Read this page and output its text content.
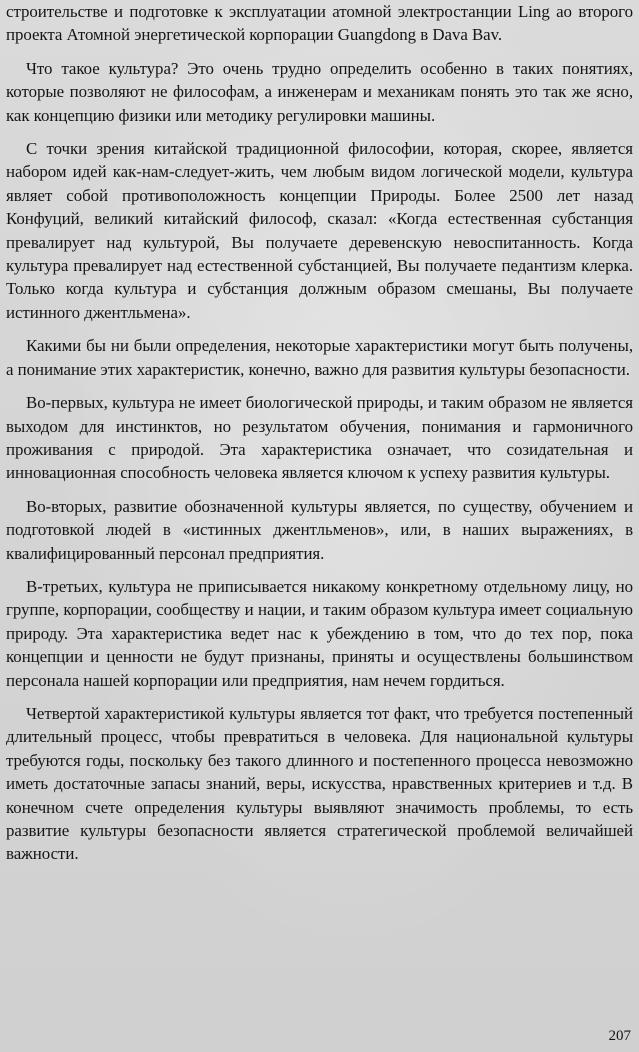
строительстве и подготовке к эксплуатации атомной электростанции Ling ао второго проекта Атомной энергетической корпорации Guangdong в Dava Bav.

Что такое культура? Это очень трудно определить особенно в таких понятиях, которые позволяют не философам, а инженерам и механикам понять это так же ясно, как концепцию физики или методику регулировки машины.

С точки зрения китайской традиционной философии, которая, скорее, является набором идей как-нам-следует-жить, чем любым видом логической модели, культура являет собой противоположность концепции Природы. Более 2500 лет назад Конфуций, великий китайский философ, сказал: «Когда естественная субстанция превалирует над культурой, Вы получаете деревенскую невоспитанность. Когда культура превалирует над естественной субстанцией, Вы получаете педантизм клерка. Только когда культура и субстанция должным образом смешаны, Вы получаете истинного джентльмена».

Какими бы ни были определения, некоторые характеристики могут быть получены, а понимание этих характеристик, конечно, важно для развития культуры безопасности.

Во-первых, культура не имеет биологической природы, и таким образом не является выходом для инстинктов, но результатом обучения, понимания и гармоничного проживания с природой. Эта характеристика означает, что созидательная и инновационная способность человека является ключом к успеху развития культуры.

Во-вторых, развитие обозначенной культуры является, по существу, обучением и подготовкой людей в «истинных джентльменов», или, в наших выражениях, в квалифицированный персонал предприятия.

В-третьих, культура не приписывается никакому конкретному отдельному лицу, но группе, корпорации, сообществу и нации, и таким образом культура имеет социальную природу. Эта характеристика ведет нас к убеждению в том, что до тех пор, пока концепции и ценности не будут признаны, приняты и осуществлены большинством персонала нашей корпорации или предприятия, нам нечем гордиться.

Четвертой характеристикой культуры является тот факт, что требуется постепенный длительный процесс, чтобы превратиться в человека. Для национальной культуры требуются годы, поскольку без такого длинного и постепенного процесса невозможно иметь достаточные запасы знаний, веры, искусства, нравственных критериев и т.д. В конечном счете определения культуры выявляют значимость проблемы, то есть развитие культуры безопасности является стратегической проблемой величайшей важности.

207
